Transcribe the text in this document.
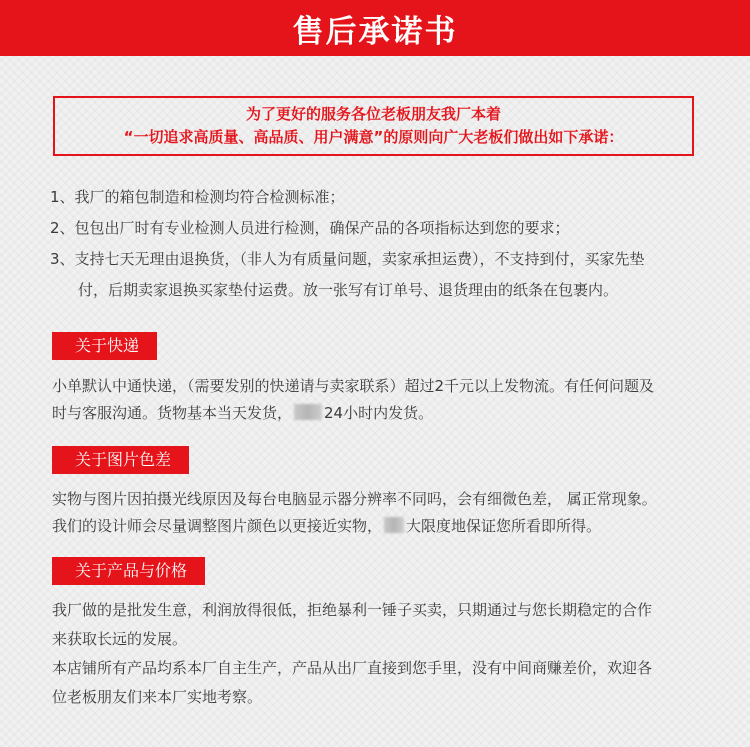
售后承诺书
为了更好的服务各位老板朋友我厂本着
“一切追求高质量、高品质、用户满意”的原则向广大老板们做出如下承诺：
1、我厂的箱包制造和检测均符合检测标准；
2、包包出厂时有专业检测人员进行检测，确保产品的各项指标达到您的要求；
3、支持七天无理由退换货，（非人为有质量问题，卖家承担运费），不支持到付，买家先垫
付，后期卖家退换买家垫付运费。放一张写有订单号、退货理由的纸条在包裹内。
关于快递
小单默认中通快递，（需要发别的快递请与卖家联系）超过2千元以上发物流。有任何问题及
时与客服沟通。货物基本当天发货， 24小时内发货。
关于图片色差
实物与图片因拍摄光线原因及每台电脑显示器分辨率不同吗，会有细微色差， 属正常现象。
我们的设计师会尽量调整图片颜色以更接近实物， 大限度地保证您所看即所得。
关于产品与价格
我厂做的是批发生意，利润放得很低，拒绝暴利一锤子买卖，只期通过与您长期稳定的合作
来获取长远的发展。
本店铺所有产品均系本厂自主生产，产品从出厂直接到您手里，没有中间商赚差价，欢迎各
位老板朋友们来本厂实地考察。
